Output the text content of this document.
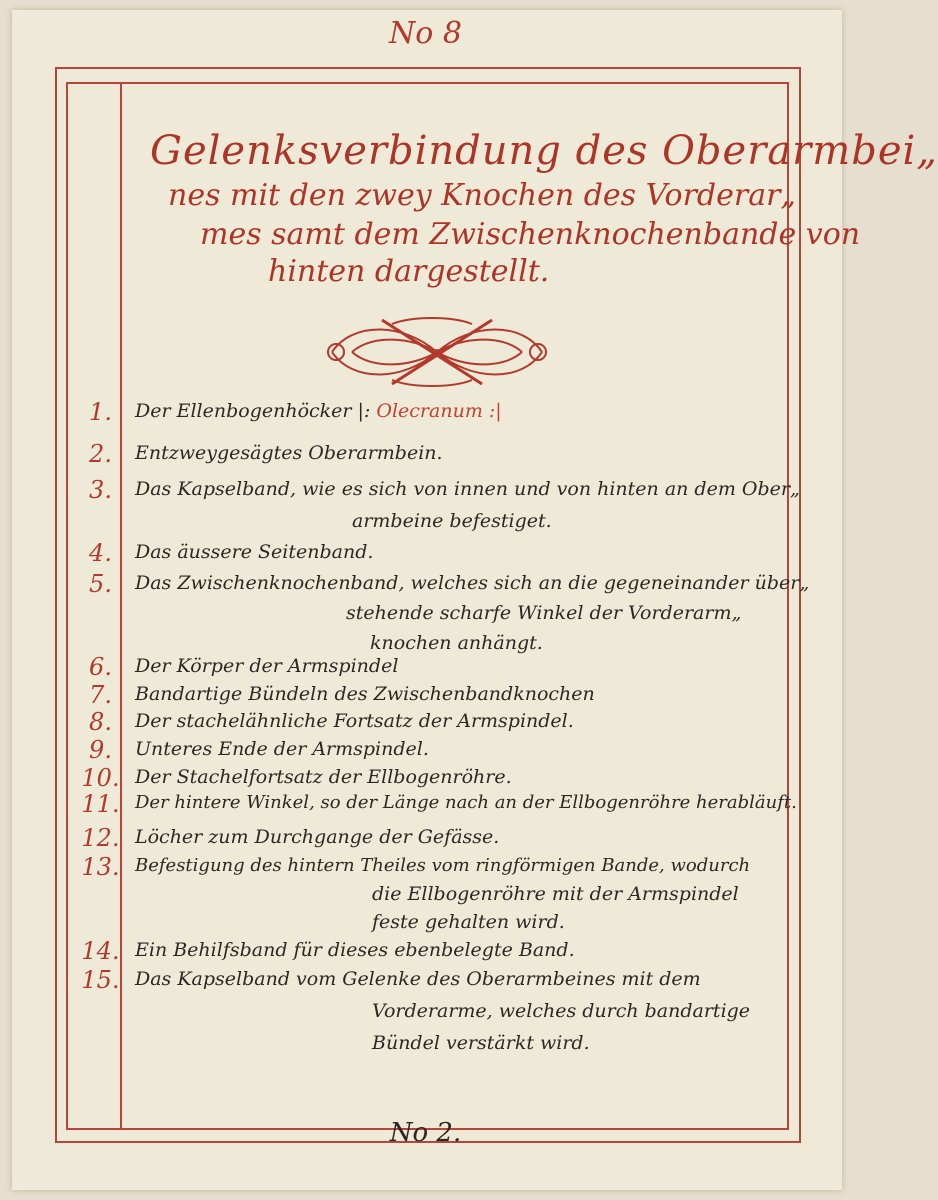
No 8
Gelenksverbindung des Oberarmbei„
nes mit den zwey Knochen des Vorderar„
mes samt dem Zwischenknochenbande von
hinten dargestellt.
1.	Der Ellenbogenhöcker |: Olecranum :|
2.	Entzweygesägtes Oberarmbein.
3.	Das Kapselband, wie es sich von innen und von hinten an dem Ober„
armbeine befestiget.
4.	Das äussere Seitenband.
5.	Das Zwischenknochenband, welches sich an die gegeneinander über„
stehende scharfe Winkel der Vorderarm„
knochen anhängt.
6.	Der Körper der Armspindel
7.	Bandartige Bündeln des Zwischenbandknochen
8.	Der stachelähnliche Fortsatz der Armspindel.
9.	Unteres Ende der Armspindel.
10. Der Stachelfortsatz der Ellbogenröhre.
11. Der hintere Winkel, so der Länge nach an der Ellbogenröhre herabläuft.
12. Löcher zum Durchgange der Gefässe.
13. Befestigung des hintern Theiles vom ringförmigen Bande, wodurch
die Ellbogenröhre mit der Armspindel
feste gehalten wird.
14. Ein Behilfsband für dieses ebenbelegte Band.
15. Das Kapselband vom Gelenke des Oberarmbeines mit dem
Vorderarme, welches durch bandartige
Bündel verstärkt wird.
No 2.
